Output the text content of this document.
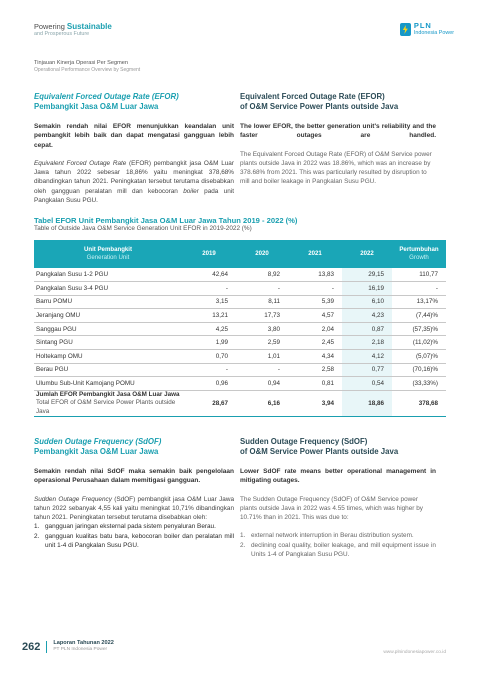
Powering Sustainable
and Prosperous Future
PLN
Indonesia Power
Tinjauan Kinerja Operasi Per Segmen
Operational Performance Overview by Segment
Equivalent Forced Outage Rate (EFOR)
Pembangkit Jasa O&M Luar Jawa
Semakin rendah nilai EFOR menunjukkan keandalan unit pembangkit lebih baik dan dapat mengatasi gangguan lebih cepat.
Equivalent Forced Outage Rate (EFOR) pembangkit jasa O&M Luar Jawa tahun 2022 sebesar 18,86% yaitu meningkat 378,68% dibandingkan tahun 2021. Peningkatan tersebut terutama disebabkan oleh gangguan peralatan mill dan kebocoran boiler pada unit Pangkalan Susu PGU.
Equivalent Forced Outage Rate (EFOR)
of O&M Service Power Plants outside Java
The lower EFOR, the better generation unit's reliability and the faster outages are handled.
The Equivalent Forced Outage Rate (EFOR) of O&M Service power plants outside Java in 2022 was 18.86%, which was an increase by 378.68% from 2021. This was particularly resulted by disruption to mill and boiler leakage in Pangkalan Susu PGU.
Tabel EFOR Unit Pembangkit Jasa O&M Luar Jawa Tahun 2019 - 2022 (%)
Table of Outside Java O&M Service Generation Unit EFOR in 2019-2022 (%)
Unit Pembangkit
Generation Unit	2019	2020	2021	2022	Pertumbuhan
Growth

Pangkalan Susu 1-2 PGU	42,64	8,92	13,83	29,15	110,77
Pangkalan Susu 3-4 PGU	-	-	-	16,19	-
Barru POMU	3,15	8,11	5,39	6,10	13,17%
Jeranjang OMU	13,21	17,73	4,57	4,23	(7,44)%
Sanggau PGU	4,25	3,80	2,04	0,87	(57,35)%
Sintang PGU	1,99	2,59	2,45	2,18	(11,02)%
Holtekamp OMU	0,70	1,01	4,34	4,12	(5,07)%
Berau PGU	-	-	2,58	0,77	(70,16)%
Ulumbu Sub-Unit Kamojang POMU	0,96	0,94	0,81	0,54	(33,33%)
Jumlah EFOR Pembangkit Jasa O&M Luar Jawa
Total EFOR of O&M Service Power Plants outside Java	28,67	6,16	3,94	18,86	378,68
Sudden Outage Frequency (SdOF)
Pembangkit Jasa O&M Luar Jawa
Semakin rendah nilai SdOF maka semakin baik pengelolaan operasional Perusahaan dalam memitigasi gangguan.
Sudden Outage Frequency (SdOF) pembangkit jasa O&M Luar Jawa tahun 2022 sebanyak 4,55 kali yaitu meningkat 10,71% dibandingkan tahun 2021. Peningkatan tersebut terutama disebabkan oleh:
1. gangguan jaringan eksternal pada sistem penyaluran Berau.
2. gangguan kualitas batu bara, kebocoran boiler dan peralatan mill unit 1-4 di Pangkalan Susu PGU.
Sudden Outage Frequency (SdOF)
of O&M Service Power Plants outside Java
Lower SdOF rate means better operational management in mitigating outages.
The Sudden Outage Frequency (SdOF) of O&M Service power plants outside Java in 2022 was 4.55 times, which was higher by 10.71% than in 2021. This was due to:
1. external network interruption in Berau distribution system.
2. declining coal quality, boiler leakage, and mill equipment issue in Units 1-4 of Pangkalan Susu PGU.
262	Laporan Tahunan 2022
PT PLN Indonesia Power
www.plnindonesiapower.co.id
